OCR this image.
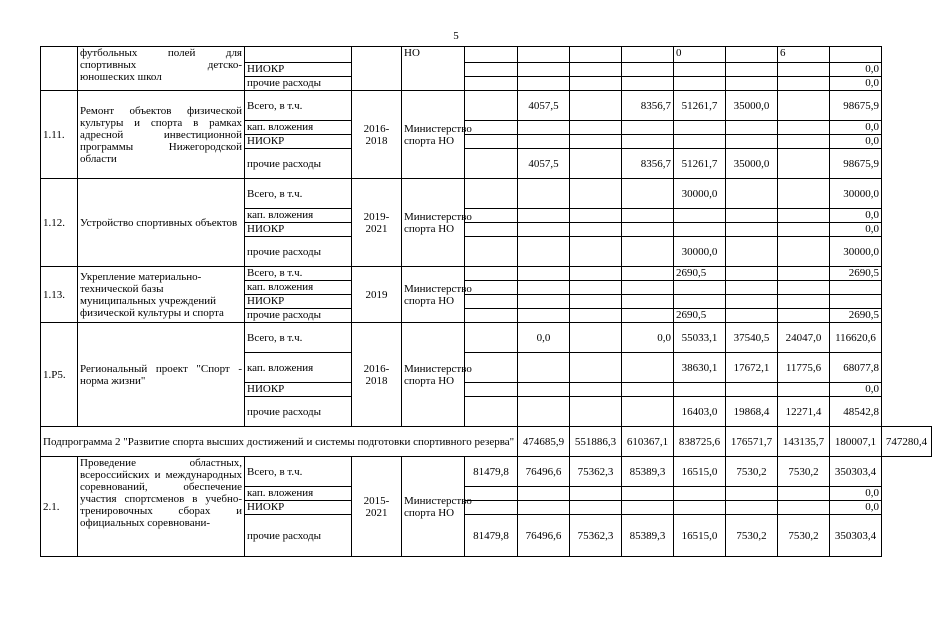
5

	футбольных полей для
спортивных детско-
юношеских школ			НО					0		6		
		НИОКР										0,0	
		прочие расходы										0,0	
1.11.	Ремонт объектов физической культуры и спорта в рамках адресной инвестиционной программы Нижегородской области	Всего, в т.ч.	2016-2018	Министерство спорта НО		4057,5		8356,7	51261,7	35000,0		98675,9	
		кап. вложения										0,0	
		НИОКР										0,0	
		прочие расходы				4057,5		8356,7	51261,7	35000,0		98675,9	
1.12.	Устройство спортивных объектов	Всего, в т.ч.	2019-2021	Министерство спорта НО					30000,0			30000,0	
		кап. вложения										0,0	
		НИОКР										0,0	
		прочие расходы							30000,0			30000,0	
1.13.	Укрепление материально-технической базы муниципальных учреждений физической культуры и спорта	Всего, в т.ч.	2019	Министерство спорта НО					2690,5			2690,5	
		кап. вложения											
		НИОКР											
		прочие расходы							2690,5			2690,5	
1.Р5.	Региональный проект "Спорт - норма жизни"	Всего, в т.ч.	2016-2018	Министерство спорта НО		0,0		0,0	55033,1	37540,5	24047,0	116620,6	
		кап. вложения							38630,1	17672,1	11775,6	68077,8	
		НИОКР										0,0	
		прочие расходы							16403,0	19868,4	12271,4	48542,8	
Подпрограмма 2 "Развитие спорта высших достижений и системы подготовки спортивного резерва"						474685,9	551886,3	610367,1	838725,6	176571,7	143135,7	180007,1	747280,4
2.1.	Проведение областных, всероссийских и международных соревнований, обеспечение участия спортсменов в учебно-тренировочных сборах и официальных соревновани-	Всего, в т.ч.	2015-2021	Министерство спорта НО	81479,8	76496,6	75362,3	85389,3	16515,0	7530,2	7530,2	350303,4	
		кап. вложения										0,0	
		НИОКР										0,0	
		прочие расходы			81479,8	76496,6	75362,3	85389,3	16515,0	7530,2	7530,2	350303,4	
